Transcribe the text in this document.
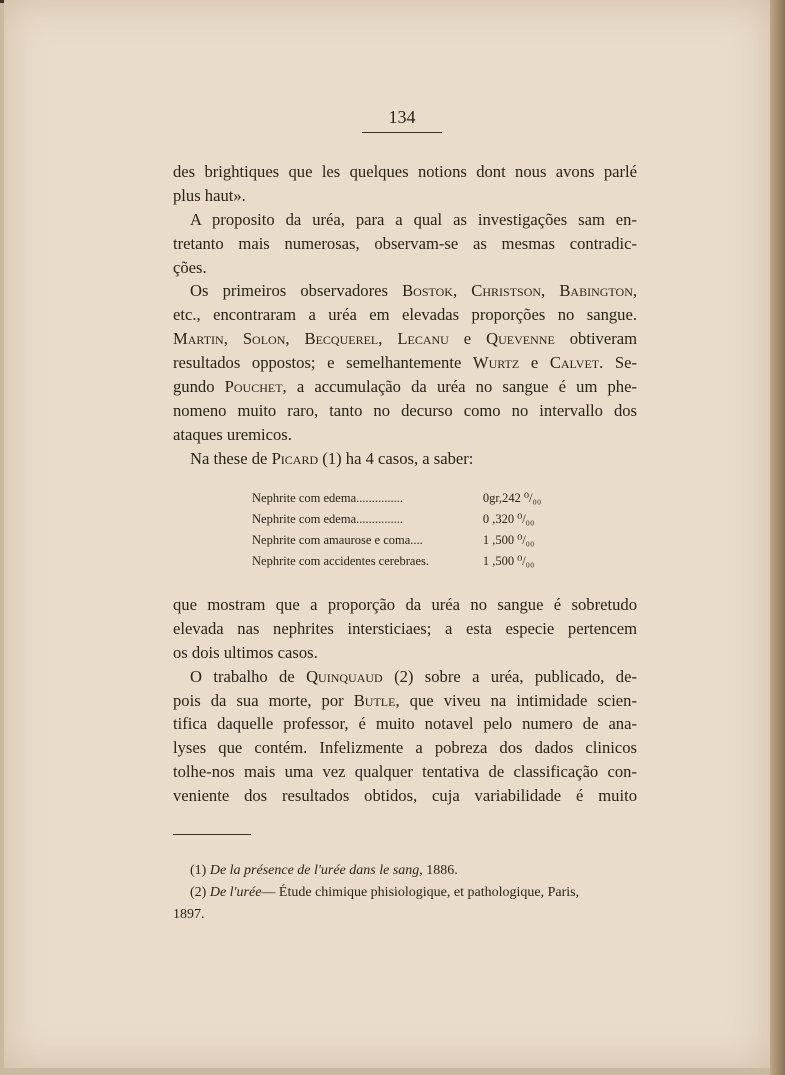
134
des brightiques que les quelques notions dont nous avons parlé
plus haut».
A proposito da uréa, para a qual as investigações sam en-
tretanto mais numerosas, observam-se as mesmas contradic-
ções.
Os primeiros observadores Bostok, Christson, Babington,
etc., encontraram a uréa em elevadas proporções no sangue.
Martin, Solon, Becquerel, Lecanu e Quevenne obtiveram
resultados oppostos; e semelhantemente Wurtz e Calvet. Se-
gundo Pouchet, a accumulação da uréa no sangue é um phe-
nomeno muito raro, tanto no decurso como no intervallo dos
ataques uremicos.
Na these de Picard (1) ha 4 casos, a saber:
Nephrite com edema...............	0gr,242 ⁰/₀₀
Nephrite com edema...............	0 ,320 ⁰/₀₀
Nephrite com amaurose e coma....	1 ,500 ⁰/₀₀
Nephrite com accidentes cerebraes.	1 ,500 ⁰/₀₀
que mostram que a proporção da uréa no sangue é sobretudo
elevada nas nephrites intersticiaes; a esta especie pertencem
os dois ultimos casos.
O trabalho de Quinquaud (2) sobre a uréa, publicado, de-
pois da sua morte, por Butle, que viveu na intimidade scien-
tifica daquelle professor, é muito notavel pelo numero de ana-
lyses que contém. Infelizmente a pobreza dos dados clinicos
tolhe-nos mais uma vez qualquer tentativa de classificação con-
veniente dos resultados obtidos, cuja variabilidade é muito
(1) De la présence de l'urée dans le sang, 1886.
(2) De l'urée— Étude chimique phisiologique, et pathologique, Paris,
1897.
